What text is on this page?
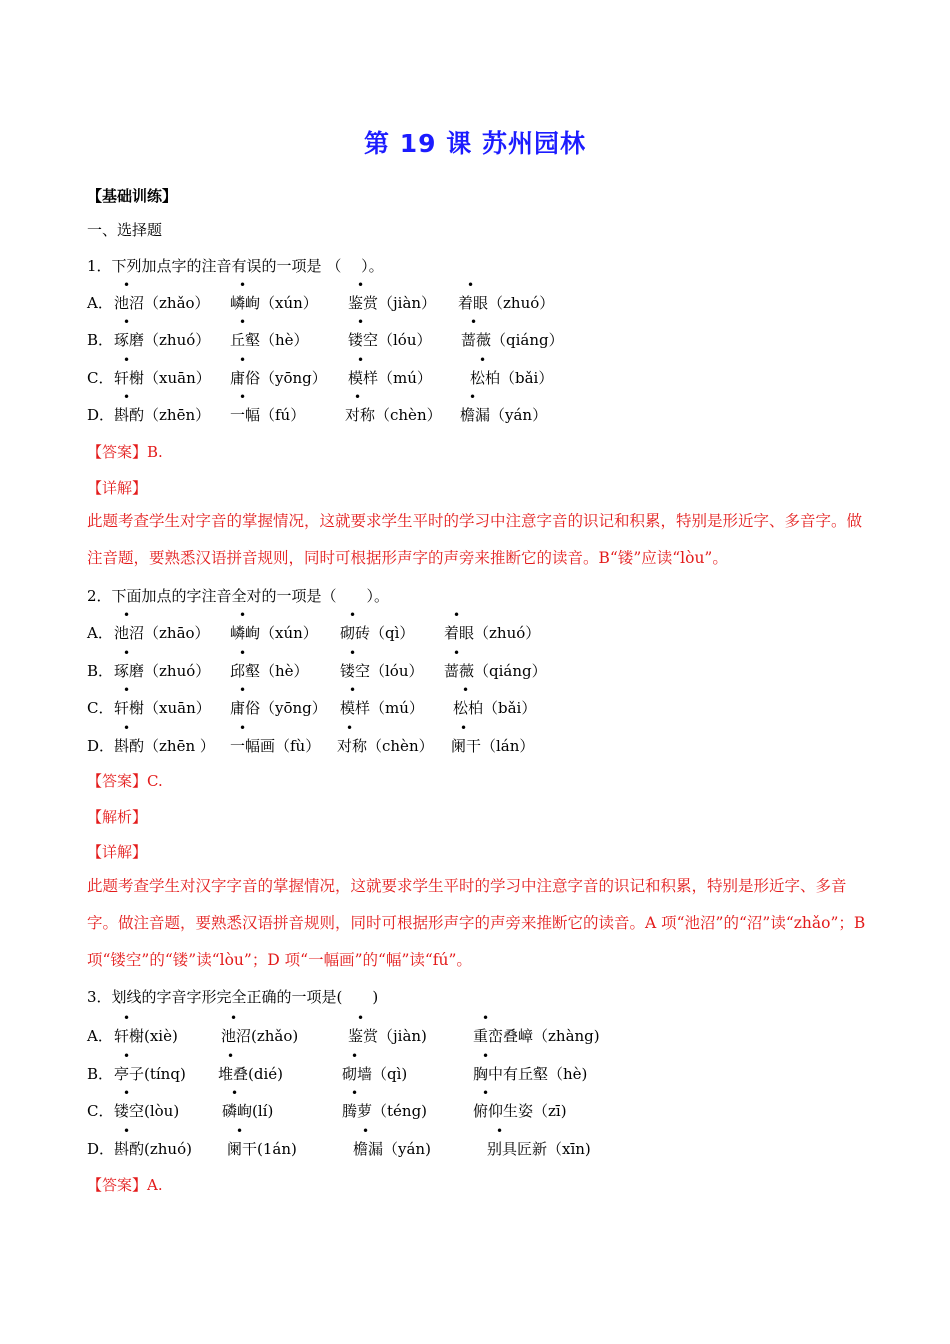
第 19 课 苏州园林
【基础训练】
一、选择题
1．下列加点字的注音有误的一项是 （　 ）。
A． 池沼（zhǎo）
•
嶙峋（xún）
•
鉴赏（jiàn）
•
着眼（zhuó）
•
B． 琢磨（zhuó）
•
丘壑（hè）
•
镂空（lóu）
•
蔷薇（qiáng）
•
C． 轩榭（xuān）
•
庸俗（yōng）
•
模样（mú）
•
松柏（bǎi）
•
D． 斟酌（zhēn）
•
一幅（fú）
•
对称（chèn）
•
檐漏（yán）
•
【答案】B.
【详解】
此题考查学生对字音的掌握情况，这就要求学生平时的学习中注意字音的识记和积累，特别是形近字、多音字。做注音题，要熟悉汉语拼音规则，同时可根据形声字的声旁来推断它的读音。B“镂”应读“lòu”。
2．下面加点的字注音全对的一项是（　　）。
A． 池沼（zhāo）
•
嶙峋（xún）
•
砌砖（qì）
•
着眼（zhuó）
•
B． 琢磨（zhuó）
•
邱壑（hè）
•
镂空（lóu）
•
蔷薇（qiáng）
•
C． 轩榭（xuān）
•
庸俗（yōng）
•
模样（mú）
•
松柏（bǎi）
•
D． 斟酌（zhēn ）
•
一幅画（fù）
•
对称（chèn）
•
阑干（lán）
•
【答案】C.
【解析】
【详解】
此题考查学生对汉字字音的掌握情况，这就要求学生平时的学习中注意字音的识记和积累，特别是形近字、多音字。做注音题，要熟悉汉语拼音规则，同时可根据形声字的声旁来推断它的读音。A 项“池沼”的“沼”读“zhǎo”；B 项“镂空”的“镂”读“lòu”；D 项“一幅画”的“幅”读“fú”。
3．划线的字音字形完全正确的一项是(　　)
A． 轩榭(xiè)
•
池沼(zhǎo)
•
鉴赏（jiàn)
•
重峦叠嶂（zhàng)
•
B． 亭子(tínq)
•
堆叠(dié)
•
砌墙（qì)
•
胸中有丘壑（hè)
•
C． 镂空(lòu)
•
磷峋(lí)
•
腾萝（téng)
•
俯仰生姿（zī)
•
D． 斟酌(zhuó)
•
阑干(1án)
•
檐漏（yán)
•
别具匠新（xīn)
•
【答案】A.
